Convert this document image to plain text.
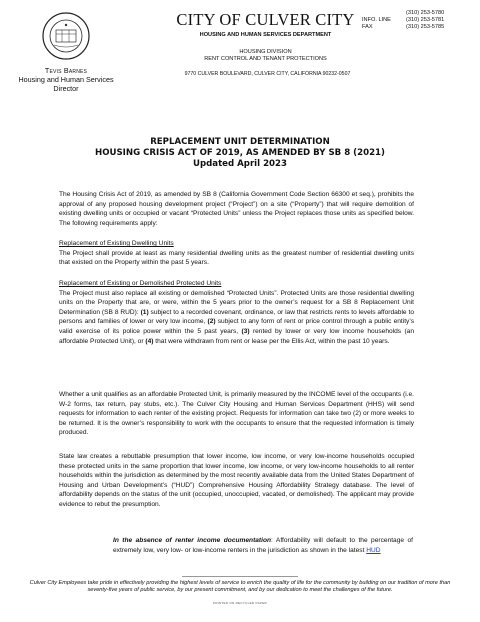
Tevis Barnes
Housing and Human Services
Director
CITY OF CULVER CITY
HOUSING AND HUMAN SERVICES DEPARTMENT
HOUSING DIVISION
RENT CONTROL AND TENANT PROTECTIONS
9770 CULVER BOULEVARD, CULVER CITY, CALIFORNIA 90232-0507
(310) 253-5780
INFO. LINE	(310) 253-5781
FAX	(310) 253-5785
REPLACEMENT UNIT DETERMINATION
HOUSING CRISIS ACT OF 2019, AS AMENDED BY SB 8 (2021)
Updated April 2023

The Housing Crisis Act of 2019, as amended by SB 8 (California Government Code Section 66300 et seq.), prohibits the approval of any proposed housing development project (“Project”) on a site (“Property”) that will require demolition of existing dwelling units or occupied or vacant “Protected Units” unless the Project replaces those units as specified below. The following requirements apply:

Replacement of Existing Dwelling Units

The Project shall provide at least as many residential dwelling units as the greatest number of residential dwelling units that existed on the Property within the past 5 years.

Replacement of Existing or Demolished Protected Units

The Project must also replace all existing or demolished “Protected Units”. Protected Units are those residential dwelling units on the Property that are, or were, within the 5 years prior to the owner’s request for a SB 8 Replacement Unit Determination (SB 8 RUD): (1) subject to a recorded covenant, ordinance, or law that restricts rents to levels affordable to persons and families of lower or very low income, (2) subject to any form of rent or price control through a public entity’s valid exercise of its police power within the 5 past years, (3) rented by lower or very low income households (an affordable Protected Unit), or (4) that were withdrawn from rent or lease per the Ellis Act, within the past 10 years.

Whether a unit qualifies as an affordable Protected Unit, is primarily measured by the INCOME level of the occupants (i.e. W-2 forms, tax return, pay stubs, etc.). The Culver City Housing and Human Services Department (HHS) will send requests for information to each renter of the existing project. Requests for information can take two (2) or more weeks to be returned. It is the owner’s responsibility to work with the occupants to ensure that the requested information is timely produced.

State law creates a rebuttable presumption that lower income, low income, or very low-income households occupied these protected units in the same proportion that lower income, low income, or very low-income households to all renter households within the jurisdiction as determined by the most recently available data from the United States Department of Housing and Urban Development’s (“HUD”) Comprehensive Housing Affordability Strategy database. The level of affordability depends on the status of the unit (occupied, unoccupied, vacated, or demolished). The applicant may provide evidence to rebut the presumption.

In the absence of renter income documentation: Affordability will default to the percentage of extremely low, very low- or low-income renters in the jurisdiction as shown in the latest HUD

Culver City Employees take pride in effectively providing the highest levels of service to enrich the quality of life for the community by building on our tradition of more than seventy-five years of public service, by our present commitment, and by our dedication to meet the challenges of the future.
PRINTED ON RECYCLED PAPER
